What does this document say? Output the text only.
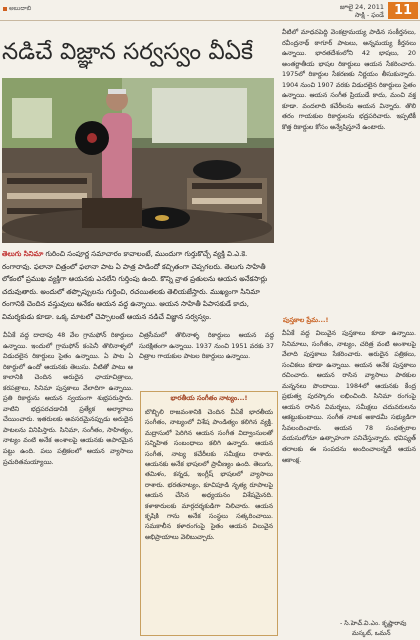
అబుదాబి	జూలై 24, 2011
సాక్షి - ఫండే 11
నడిచే విజ్ఞాన సర్వస్వం వీఏకే
తెలుగు సినిమా గురించి సంపూర్ణ సమాచారం కావాలంటే, ముందుగా గుర్తుకొచ్చే వ్యక్తి వి.ఎ.కె. రంగారావు. ఫలానా చిత్రంలో ఫలానా పాట ఏ పాత్ర పాడిందో కచ్చితంగా చెప్పగలరు. తెలుగు సాహితీ లోకంలో ప్రముఖ వ్యక్తిగా ఆయనకు ఎనలేని గుర్తింపు ఉంది. కొన్ని వ్రాత ప్రతులను ఆయన అనేకసార్లు చదువుతారు. అందులో తప్పొప్పులను గుర్తించి, రచయితలకు తెలియజేస్తారు. ముఖ్యంగా సినిమా రంగానికి చెందిన వస్తువులు అనేకం ఆయన వద్ద ఉన్నాయి. ఆయన సాహితీ పిపాసకుడే కాదు, విమర్శకుడు కూడా. ఒక్క మాటలో చెప్పాలంటే ఆయన నడిచే విజ్ఞాన సర్వస్వం.

వీఏకే వద్ద దాదాపు 48 వేల గ్రామఫోన్ రికార్డులు ఉన్నాయి. ఇందులో గ్రామఫోన్ కంపెనీ తొలినాళ్ళలో విడుదలైన రికార్డులు సైతం ఉన్నాయి. ఏ పాట ఏ రికార్డులో ఉందో ఆయనకు తెలుసు. వీటితో పాటు ఆ కాలానికి చెందిన అరుదైన ఛాయాచిత్రాలు, కరపత్రాలు, సినిమా పుస్తకాలు వేలాదిగా ఉన్నాయి. ప్రతి రికార్డును ఆయన స్వయంగా శుభ్రపరుస్తారు. వాటిని భద్రపరచడానికి ప్రత్యేక అల్మారాలు చేయించారు. ఇతరులకు అవసరమైనప్పుడు అరుదైన పాటలను వినిపిస్తారు. సినిమా, సంగీతం, సాహిత్యం, నాట్యం వంటి అనేక అంశాలపై ఆయనకు అపారమైన పట్టు ఉంది. పలు పత్రికలలో ఆయన వ్యాసాలు ప్రచురితమయ్యాయి.

చిత్రసీమలో తొలినాళ్ళ రికార్డులు ఆయన వద్ద సురక్షితంగా ఉన్నాయి. 1937 నుంచి 1951 వరకు 37 చిత్రాల గాయకుల పాటల రికార్డులు ఉన్నాయి.

భారతీయ సంగీతం నాట్యం...!
బొబ్బిలి రాజవంశానికి చెందిన వీఏకే భారతీయ సంగీతం, నాట్యంలో విశేష పాండిత్యం కలిగిన వ్యక్తి. మద్రాసులో పెరిగిన ఆయన సంగీత విద్వాంసులతో సన్నిహిత సంబంధాలు కలిగి ఉన్నారు. ఆయన సంగీత, నాట్య కచేరీలకు సమీక్షలు రాశారు. ఆయనకు అనేక భాషలలో ప్రావీణ్యం ఉంది. తెలుగు, తమిళం, కన్నడ, ఇంగ్లీష్ భాషలలో వ్యాసాలు రాశారు. భరతనాట్యం, కూచిపూడి నృత్య రూపాలపై ఆయన చేసిన అధ్యయనం విశేషమైనది. కళాకారులకు మార్గదర్శకుడిగా నిలిచారు. ఆయన కృషికి గాను అనేక సంస్థలు సత్కరించాయి. సమకాలీన కళారంగంపై సైతం ఆయన విలువైన అభిప్రాయాలు వెలిబుచ్చారు.

వీటిలో మాధవపెద్ది వెంకట్రామయ్య పాడిన సంకీర్తనలు, రవీంద్రనాథ్ ఠాగూర్ పాటలు, అన్నమయ్య కీర్తనలు ఉన్నాయి. భారతదేశంలోని 42 భాషలు, 20 అంతర్జాతీయ భాషల రికార్డులు ఆయన సేకరించారు. 1975లో రికార్డుల సేకరణకు నిర్ణయం తీసుకున్నారు. 1904 నుంచి 1907 వరకు విడుదలైన రికార్డులు సైతం ఉన్నాయి. ఆయన సంగీత ప్రియుడే కాదు, మంచి వక్త కూడా. వందలాది కచేరీలను ఆయన విన్నారు. తొలి తరం గాయకుల రికార్డులను భద్రపరిచారు. ఇప్పటికీ కొత్త రికార్డుల కోసం అన్వేషిస్తూనే ఉంటారు.

పుస్తకాల ప్రేమ...!

వీఏకే వద్ద విలువైన పుస్తకాలు కూడా ఉన్నాయి. సినిమాలు, సంగీతం, నాట్యం, చరిత్ర వంటి అంశాలపై వేలాది పుస్తకాలు సేకరించారు. అరుదైన పత్రికలు, సంచికలు కూడా ఉన్నాయి. ఆయన అనేక పుస్తకాలు రచించారు. ఆయన రాసిన వ్యాసాలు పాఠకుల మన్ననలు పొందాయి. 1984లో ఆయనకు కేంద్ర ప్రభుత్వ పురస్కారం లభించింది. సినిమా రంగంపై ఆయన రాసిన విమర్శలు, సమీక్షలు చదువరులను ఆకట్టుకుంటాయి. సంగీత నాటక అకాడమీ సభ్యుడిగా సేవలందించారు. ఆయన 78 సంవత్సరాల వయసులోనూ ఉత్సాహంగా పనిచేస్తున్నారు. భవిష్యత్ తరాలకు ఈ సంపదను అందించాలన్నదే ఆయన ఆకాంక్ష.

- సి.హెచ్.వి.ఎం. కృష్ణారావు
మస్కట్, ఒమన్
